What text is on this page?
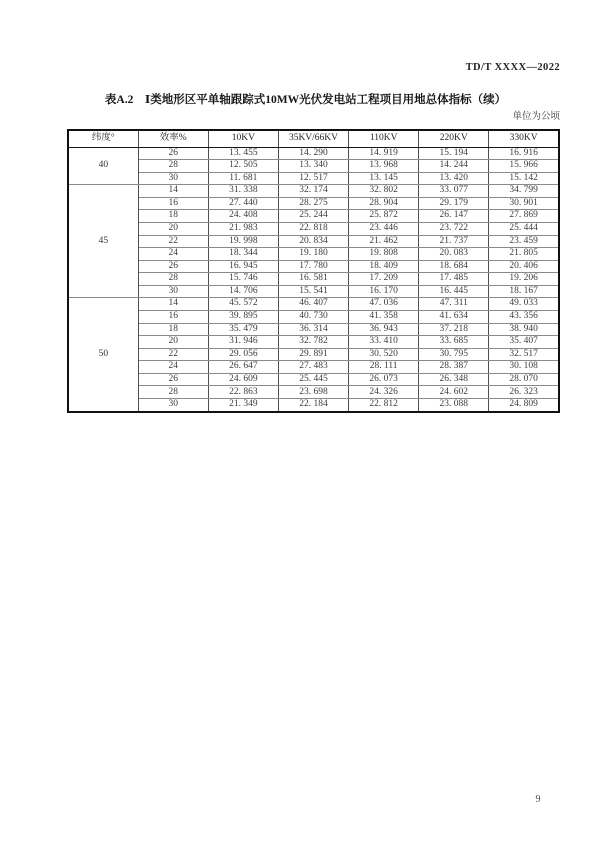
TD/T XXXX—2022
表A.2　Ⅰ类地形区平单轴跟踪式10MW光伏发电站工程项目用地总体指标（续）
单位为公顷
纬度°	效率%	10KV	35KV/66KV	110KV	220KV	330KV
40	26	13. 455	14. 290	14. 919	15. 194	16. 916
	28	12. 505	13. 340	13. 968	14. 244	15. 966
	30	11. 681	12. 517	13. 145	13. 420	15. 142
45	14	31. 338	32. 174	32. 802	33. 077	34. 799
	16	27. 440	28. 275	28. 904	29. 179	30. 901
	18	24. 408	25. 244	25. 872	26. 147	27. 869
	20	21. 983	22. 818	23. 446	23. 722	25. 444
	22	19. 998	20. 834	21. 462	21. 737	23. 459
	24	18. 344	19. 180	19. 808	20. 083	21. 805
	26	16. 945	17. 780	18. 409	18. 684	20. 406
	28	15. 746	16. 581	17. 209	17. 485	19. 206
	30	14. 706	15. 541	16. 170	16. 445	18. 167
50	14	45. 572	46. 407	47. 036	47. 311	49. 033
	16	39. 895	40. 730	41. 358	41. 634	43. 356
	18	35. 479	36. 314	36. 943	37. 218	38. 940
	20	31. 946	32. 782	33. 410	33. 685	35. 407
	22	29. 056	29. 891	30. 520	30. 795	32. 517
	24	26. 647	27. 483	28. 111	28. 387	30. 108
	26	24. 609	25. 445	26. 073	26. 348	28. 070
	28	22. 863	23. 698	24. 326	24. 602	26. 323
	30	21. 349	22. 184	22. 812	23. 088	24. 809
9
